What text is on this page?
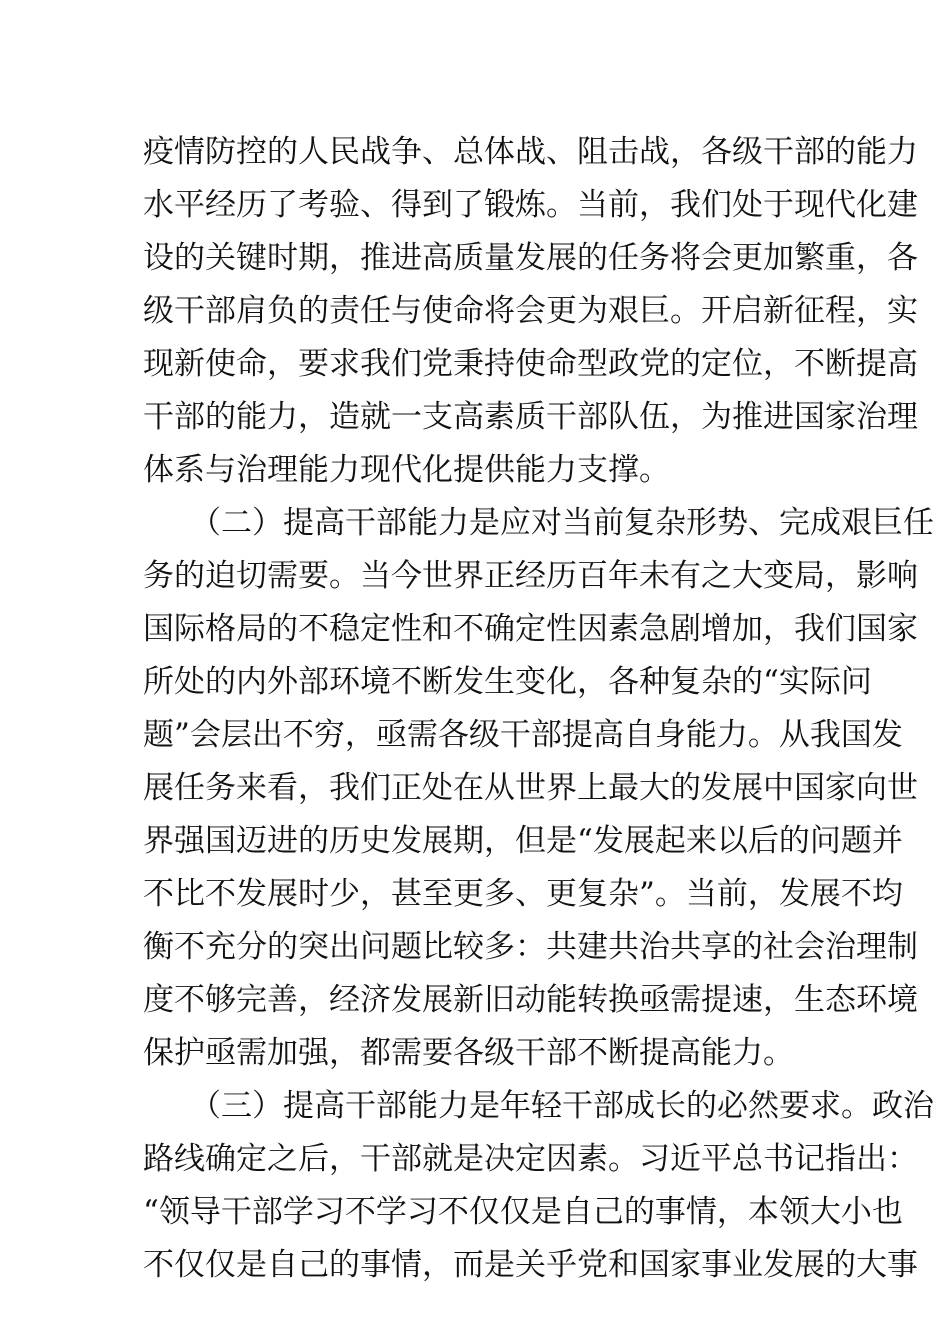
疫情防控的人民战争、总体战、阻击战，各级干部的能力
水平经历了考验、得到了锻炼。当前，我们处于现代化建
设的关键时期，推进高质量发展的任务将会更加繁重，各
级干部肩负的责任与使命将会更为艰巨。开启新征程，实
现新使命，要求我们党秉持使命型政党的定位，不断提高
干部的能力，造就一支高素质干部队伍，为推进国家治理
体系与治理能力现代化提供能力支撑。
（二）提高干部能力是应对当前复杂形势、完成艰巨任
务的迫切需要。当今世界正经历百年未有之大变局，影响
国际格局的不稳定性和不确定性因素急剧增加，我们国家
所处的内外部环境不断发生变化，各种复杂的“实际问
题”会层出不穷，亟需各级干部提高自身能力。从我国发
展任务来看，我们正处在从世界上最大的发展中国家向世
界强国迈进的历史发展期，但是“发展起来以后的问题并
不比不发展时少，甚至更多、更复杂”。当前，发展不均
衡不充分的突出问题比较多：共建共治共享的社会治理制
度不够完善，经济发展新旧动能转换亟需提速，生态环境
保护亟需加强，都需要各级干部不断提高能力。
（三）提高干部能力是年轻干部成长的必然要求。政治
路线确定之后，干部就是决定因素。习近平总书记指出：
“领导干部学习不学习不仅仅是自己的事情，本领大小也
不仅仅是自己的事情，而是关乎党和国家事业发展的大事
